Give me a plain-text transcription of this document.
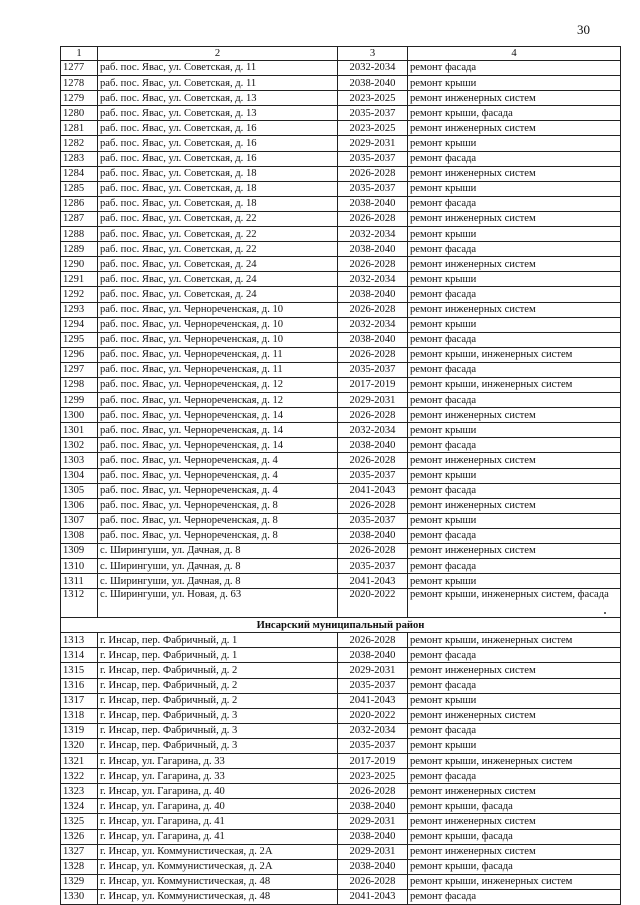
30
1	2	3	4
1277	раб. пос. Явас, ул. Советская, д. 11	2032-2034	ремонт фасада
1278	раб. пос. Явас, ул. Советская, д. 11	2038-2040	ремонт крыши
1279	раб. пос. Явас, ул. Советская, д. 13	2023-2025	ремонт инженерных систем
1280	раб. пос. Явас, ул. Советская, д. 13	2035-2037	ремонт крыши, фасада
1281	раб. пос. Явас, ул. Советская, д. 16	2023-2025	ремонт инженерных систем
1282	раб. пос. Явас, ул. Советская, д. 16	2029-2031	ремонт крыши
1283	раб. пос. Явас, ул. Советская, д. 16	2035-2037	ремонт фасада
1284	раб. пос. Явас, ул. Советская, д. 18	2026-2028	ремонт инженерных систем
1285	раб. пос. Явас, ул. Советская, д. 18	2035-2037	ремонт крыши
1286	раб. пос. Явас, ул. Советская, д. 18	2038-2040	ремонт фасада
1287	раб. пос. Явас, ул. Советская, д. 22	2026-2028	ремонт инженерных систем
1288	раб. пос. Явас, ул. Советская, д. 22	2032-2034	ремонт крыши
1289	раб. пос. Явас, ул. Советская, д. 22	2038-2040	ремонт фасада
1290	раб. пос. Явас, ул. Советская, д. 24	2026-2028	ремонт инженерных систем
1291	раб. пос. Явас, ул. Советская, д. 24	2032-2034	ремонт крыши
1292	раб. пос. Явас, ул. Советская, д. 24	2038-2040	ремонт фасада
1293	раб. пос. Явас, ул. Чернореченская, д. 10	2026-2028	ремонт инженерных систем
1294	раб. пос. Явас, ул. Чернореченская, д. 10	2032-2034	ремонт крыши
1295	раб. пос. Явас, ул. Чернореченская, д. 10	2038-2040	ремонт фасада
1296	раб. пос. Явас, ул. Чернореченская, д. 11	2026-2028	ремонт крыши, инженерных систем
1297	раб. пос. Явас, ул. Чернореченская, д. 11	2035-2037	ремонт фасада
1298	раб. пос. Явас, ул. Чернореченская, д. 12	2017-2019	ремонт крыши, инженерных систем
1299	раб. пос. Явас, ул. Чернореченская, д. 12	2029-2031	ремонт фасада
1300	раб. пос. Явас, ул. Чернореченская, д. 14	2026-2028	ремонт инженерных систем
1301	раб. пос. Явас, ул. Чернореченская, д. 14	2032-2034	ремонт крыши
1302	раб. пос. Явас, ул. Чернореченская, д. 14	2038-2040	ремонт фасада
1303	раб. пос. Явас, ул. Чернореченская, д. 4	2026-2028	ремонт инженерных систем
1304	раб. пос. Явас, ул. Чернореченская, д. 4	2035-2037	ремонт крыши
1305	раб. пос. Явас, ул. Чернореченская, д. 4	2041-2043	ремонт фасада
1306	раб. пос. Явас, ул. Чернореченская, д. 8	2026-2028	ремонт инженерных систем
1307	раб. пос. Явас, ул. Чернореченская, д. 8	2035-2037	ремонт крыши
1308	раб. пос. Явас, ул. Чернореченская, д. 8	2038-2040	ремонт фасада
1309	с. Ширингуши, ул. Дачная, д. 8	2026-2028	ремонт инженерных систем
1310	с. Ширингуши, ул. Дачная, д. 8	2035-2037	ремонт фасада
1311	с. Ширингуши, ул. Дачная, д. 8	2041-2043	ремонт крыши
1312	с. Ширингуши, ул. Новая, д. 63	2020-2022	ремонт крыши, инженерных систем, фасада
Инсарский муниципальный район			
1313	г. Инсар, пер. Фабричный, д. 1	2026-2028	ремонт крыши, инженерных систем
1314	г. Инсар, пер. Фабричный, д. 1	2038-2040	ремонт фасада
1315	г. Инсар, пер. Фабричный, д. 2	2029-2031	ремонт инженерных систем
1316	г. Инсар, пер. Фабричный, д. 2	2035-2037	ремонт фасада
1317	г. Инсар, пер. Фабричный, д. 2	2041-2043	ремонт крыши
1318	г. Инсар, пер. Фабричный, д. 3	2020-2022	ремонт инженерных систем
1319	г. Инсар, пер. Фабричный, д. 3	2032-2034	ремонт фасада
1320	г. Инсар, пер. Фабричный, д. 3	2035-2037	ремонт крыши
1321	г. Инсар, ул. Гагарина, д. 33	2017-2019	ремонт крыши, инженерных систем
1322	г. Инсар, ул. Гагарина, д. 33	2023-2025	ремонт фасада
1323	г. Инсар, ул. Гагарина, д. 40	2026-2028	ремонт инженерных систем
1324	г. Инсар, ул. Гагарина, д. 40	2038-2040	ремонт крыши, фасада
1325	г. Инсар, ул. Гагарина, д. 41	2029-2031	ремонт инженерных систем
1326	г. Инсар, ул. Гагарина, д. 41	2038-2040	ремонт крыши, фасада
1327	г. Инсар, ул. Коммунистическая, д. 2А	2029-2031	ремонт инженерных систем
1328	г. Инсар, ул. Коммунистическая, д. 2А	2038-2040	ремонт крыши, фасада
1329	г. Инсар, ул. Коммунистическая, д. 48	2026-2028	ремонт крыши, инженерных систем
1330	г. Инсар, ул. Коммунистическая, д. 48	2041-2043	ремонт фасада
